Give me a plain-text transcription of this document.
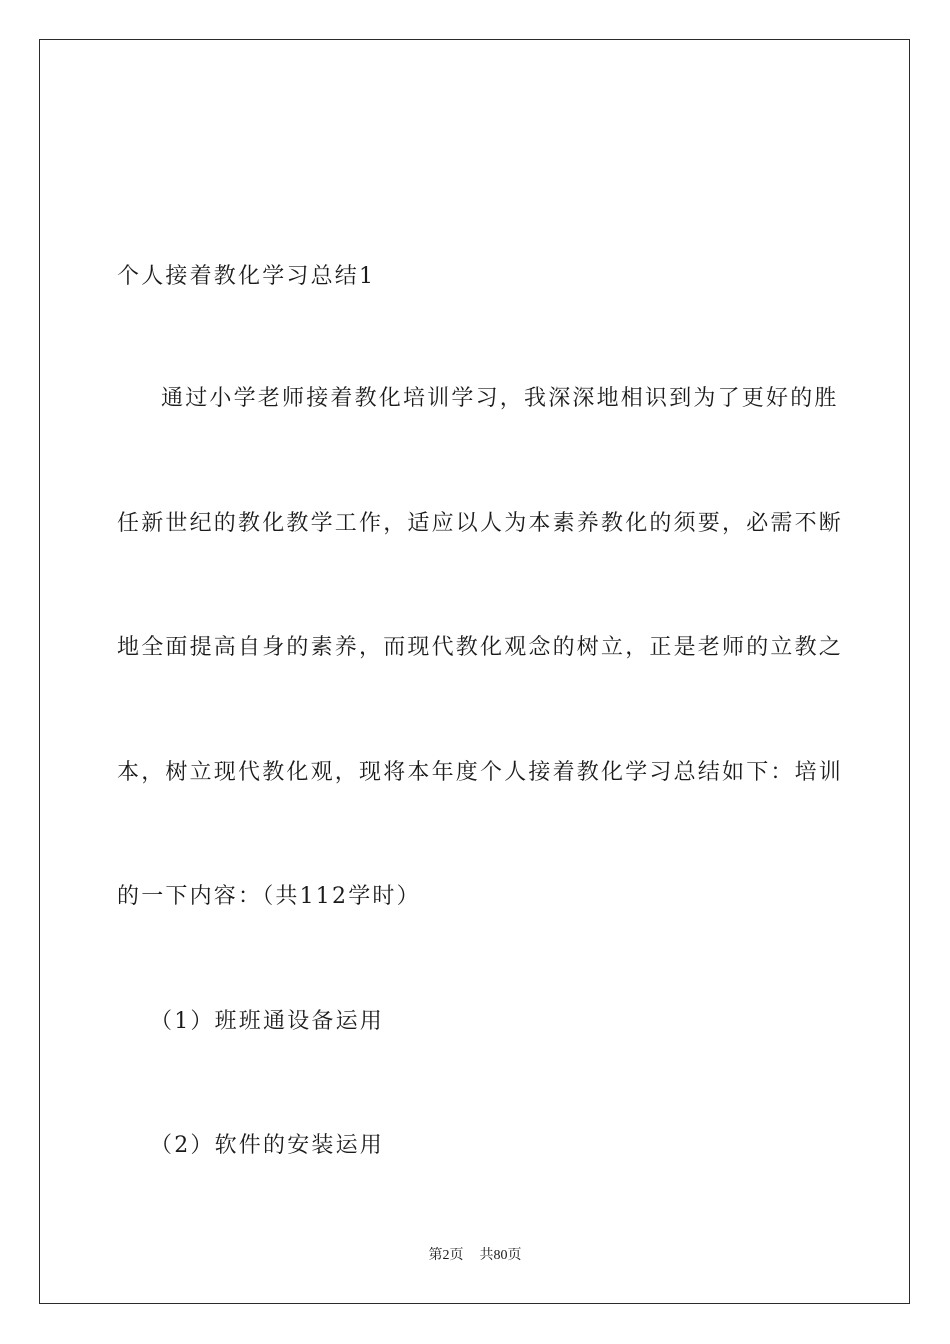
个人接着教化学习总结1
通过小学老师接着教化培训学习，我深深地相识到为了更好的胜
任新世纪的教化教学工作，适应以人为本素养教化的须要，必需不断
地全面提高自身的素养，而现代教化观念的树立，正是老师的立教之
本，树立现代教化观，现将本年度个人接着教化学习总结如下：培训
的一下内容：（共112学时）
（1）班班通设备运用
（2）软件的安装运用
第2页 共80页
